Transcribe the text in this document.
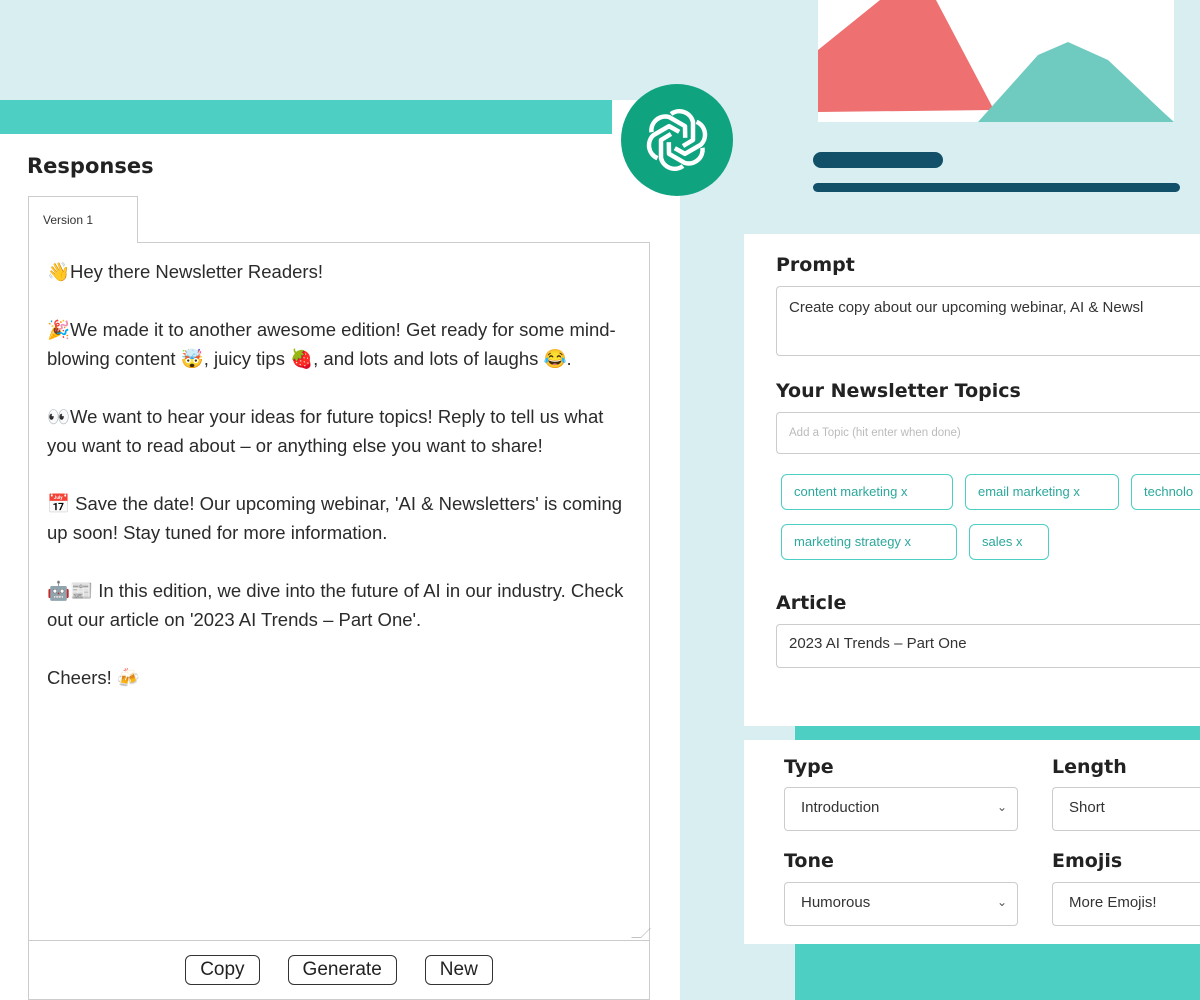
Responses
Version 1

👋Hey there Newsletter Readers!

🎉We made it to another awesome edition! Get ready for some mind-blowing content 🤯, juicy tips 🍓, and lots and lots of laughs 😂.

👀We want to hear your ideas for future topics! Reply to tell us what you want to read about – or anything else you want to share!

📅 Save the date! Our upcoming webinar, 'AI & Newsletters' is coming up soon! Stay tuned for more information.

🤖📰 In this edition, we dive into the future of AI in our industry. Check out our article on '2023 AI Trends – Part One'.

Cheers! 🍻

Copy	Generate	New
Prompt
Create copy about our upcoming webinar, AI & Newsl
Your Newsletter Topics
Add a Topic (hit enter when done)
content marketing x	email marketing x	technolo
marketing strategy x	sales x
Article
2023 AI Trends – Part One
Type
Introduction	⌄
Length
Short
Tone
Humorous	⌄
Emojis
More Emojis!
